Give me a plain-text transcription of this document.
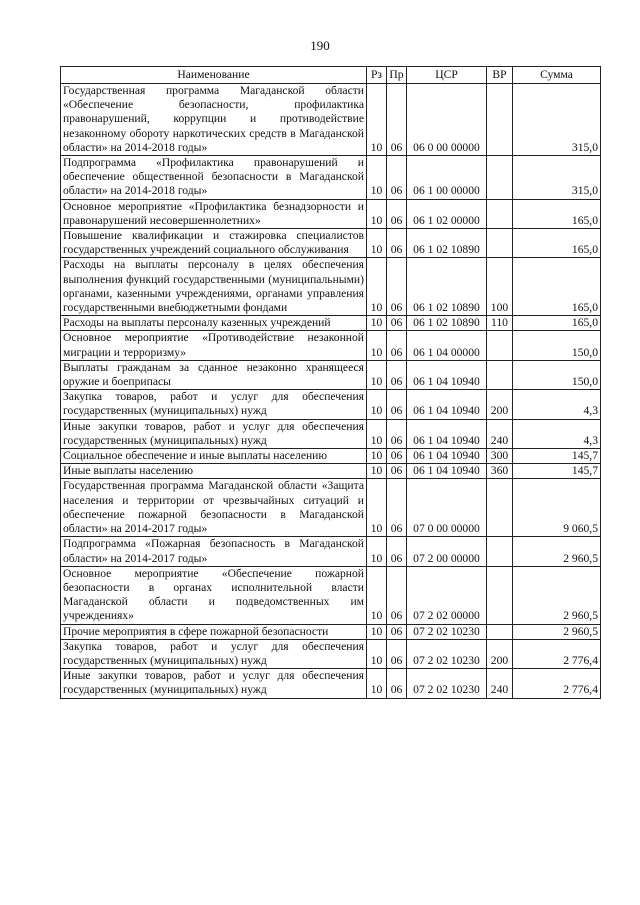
190
Наименование	Рз	Пр	ЦСР	ВР	Сумма
Государственная программа Магаданской области «Обеспечение безопасности, профилактика правонарушений, коррупции и противодействие незаконному обороту наркотических средств в Магаданской области» на 2014-2018 годы»	10	06	06 0 00 00000		315,0
Подпрограмма «Профилактика правонарушений и обеспечение общественной безопасности в Магаданской области» на 2014-2018 годы»	10	06	06 1 00 00000		315,0
Основное мероприятие «Профилактика безнадзорности и правонарушений несовершеннолетних»	10	06	06 1 02 00000		165,0
Повышение квалификации и стажировка специалистов государственных учреждений социального обслуживания	10	06	06 1 02 10890		165,0
Расходы на выплаты персоналу в целях обеспечения выполнения функций государственными (муниципальными) органами, казенными учреждениями, органами управления государственными внебюджетными фондами	10	06	06 1 02 10890	100	165,0
Расходы на выплаты персоналу казенных учреждений	10	06	06 1 02 10890	110	165,0
Основное мероприятие «Противодействие незаконной миграции и терроризму»	10	06	06 1 04 00000		150,0
Выплаты гражданам за сданное незаконно хранящееся оружие и боеприпасы	10	06	06 1 04 10940		150,0
Закупка товаров, работ и услуг для обеспечения государственных (муниципальных) нужд	10	06	06 1 04 10940	200	4,3
Иные закупки товаров, работ и услуг для обеспечения государственных (муниципальных) нужд	10	06	06 1 04 10940	240	4,3
Социальное обеспечение и иные выплаты населению	10	06	06 1 04 10940	300	145,7
Иные выплаты населению	10	06	06 1 04 10940	360	145,7
Государственная программа Магаданской области «Защита населения и территории от чрезвычайных ситуаций и обеспечение пожарной безопасности в Магаданской области» на 2014-2017 годы»	10	06	07 0 00 00000		9 060,5
Подпрограмма «Пожарная безопасность в Магаданской области» на 2014-2017 годы»	10	06	07 2 00 00000		2 960,5
Основное мероприятие «Обеспечение пожарной безопасности в органах исполнительной власти Магаданской области и подведомственных им учреждениях»	10	06	07 2 02 00000		2 960,5
Прочие мероприятия в сфере пожарной безопасности	10	06	07 2 02 10230		2 960,5
Закупка товаров, работ и услуг для обеспечения государственных (муниципальных) нужд	10	06	07 2 02 10230	200	2 776,4
Иные закупки товаров, работ и услуг для обеспечения государственных (муниципальных) нужд	10	06	07 2 02 10230	240	2 776,4
